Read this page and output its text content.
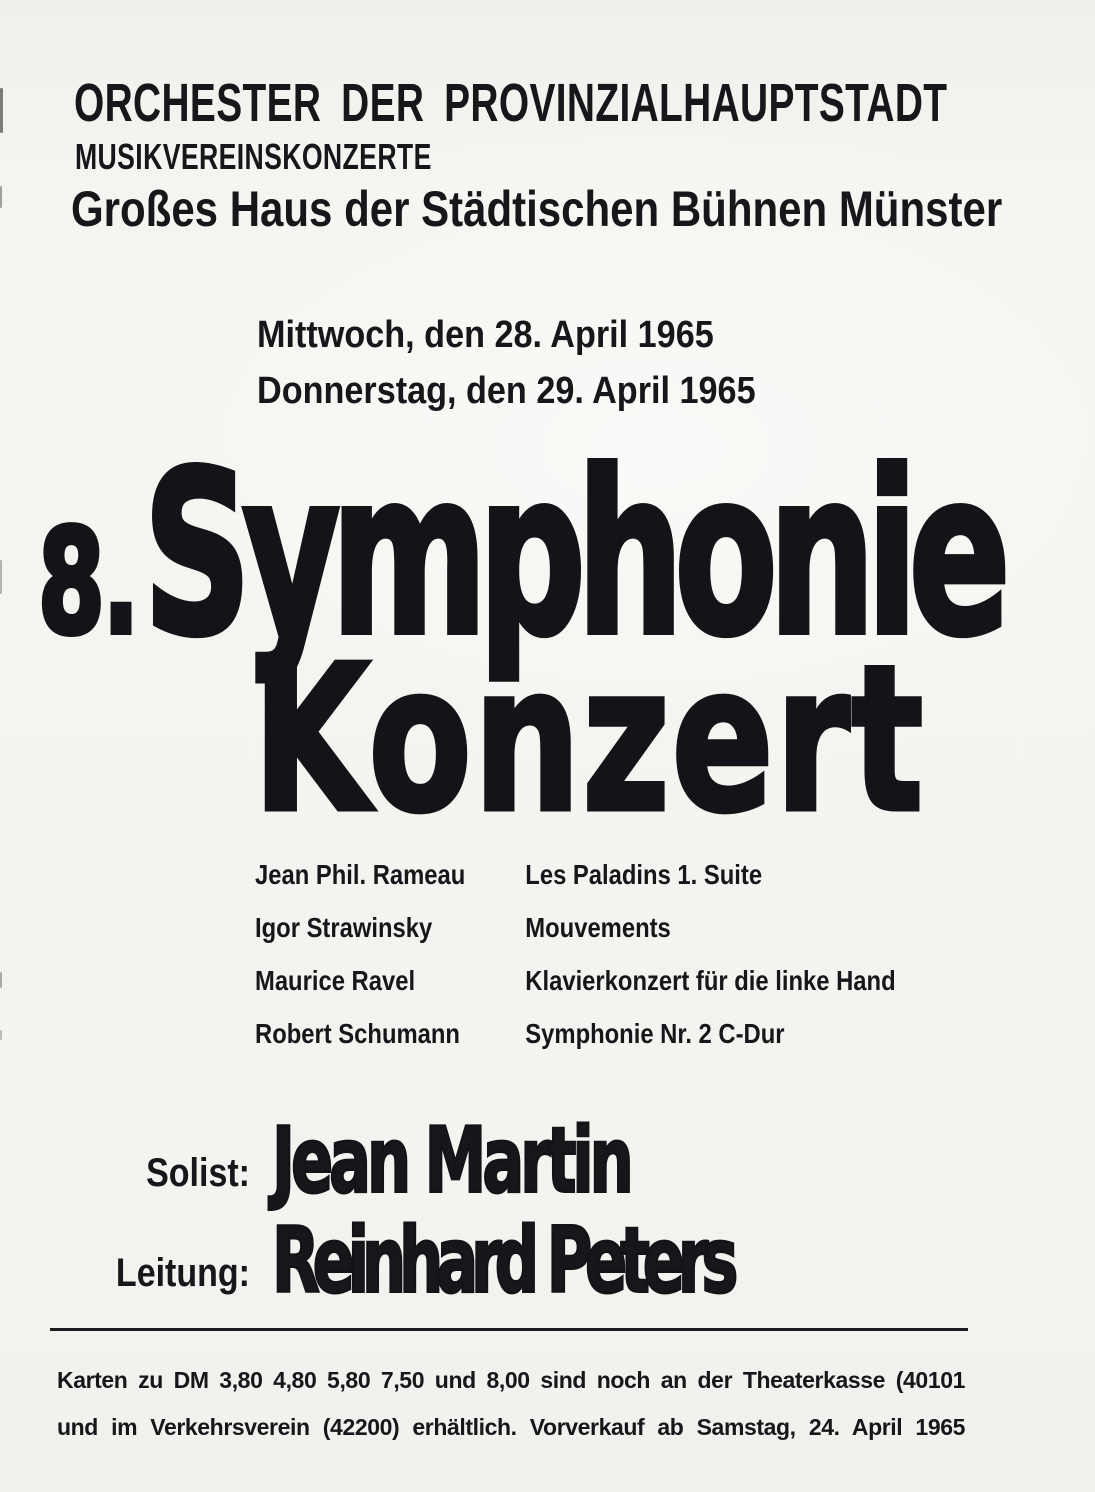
ORCHESTER DER PROVINZIALHAUPTSTADT
MUSIKVEREINSKONZERTE
Großes Haus der Städtischen Bühnen Münster
Mittwoch, den 28. April 1965
Donnerstag, den 29. April 1965
8.Symphonie
Konzert
Jean Phil. Rameau	Les Paladins 1. Suite
Igor Strawinsky	Mouvements
Maurice Ravel	Klavierkonzert für die linke Hand
Robert Schumann	Symphonie Nr. 2 C-Dur
Solist: Jean Martin
Leitung: Reinhard Peters
Karten zu DM 3,80 4,80 5,80 7,50 und 8,00 sind noch an der Theaterkasse (40101
und im Verkehrsverein (42200) erhältlich. Vorverkauf ab Samstag, 24. April 1965
